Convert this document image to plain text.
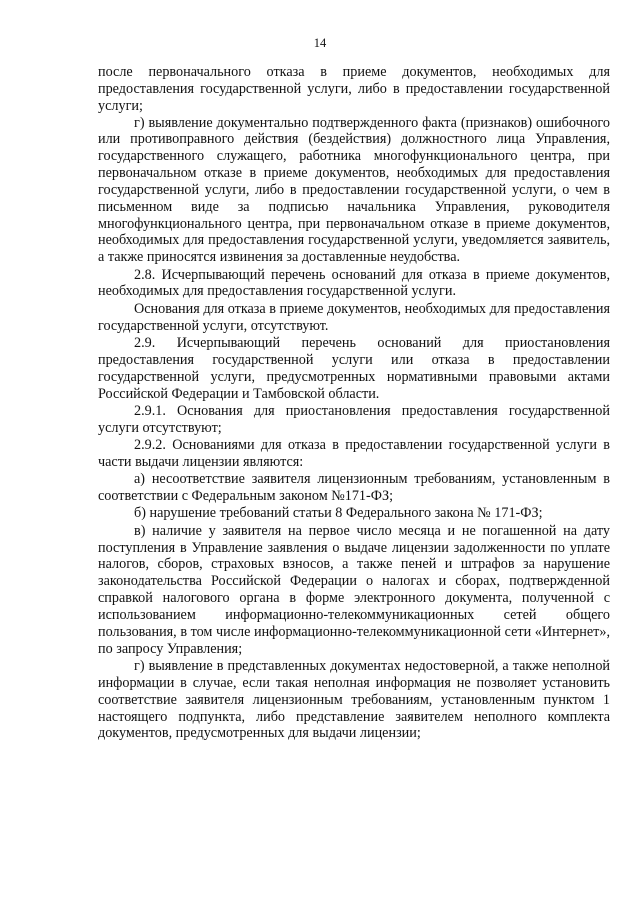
14

после первоначального отказа в приеме документов, необходимых для предоставления государственной услуги, либо в предоставлении государственной услуги;

г) выявление документально подтвержденного факта (признаков) ошибочного или противоправного действия (бездействия) должностного лица Управления, государственного служащего, работника многофункционального центра, при первоначальном отказе в приеме документов, необходимых для предоставления государственной услуги, либо в предоставлении государственной услуги, о чем в письменном виде за подписью начальника Управления, руководителя многофункционального центра, при первоначальном отказе в приеме документов, необходимых для предоставления государственной услуги, уведомляется заявитель, а также приносятся извинения за доставленные неудобства.

2.8. Исчерпывающий перечень оснований для отказа в приеме документов, необходимых для предоставления государственной услуги.

Основания для отказа в приеме документов, необходимых для предоставления государственной услуги, отсутствуют.

2.9. Исчерпывающий перечень оснований для приостановления предоставления государственной услуги или отказа в предоставлении государственной услуги, предусмотренных нормативными правовыми актами Российской Федерации и Тамбовской области.

2.9.1. Основания для приостановления предоставления государственной услуги отсутствуют;

2.9.2. Основаниями для отказа в предоставлении государственной услуги в части выдачи лицензии являются:

а) несоответствие заявителя лицензионным требованиям, установленным в соответствии с Федеральным законом №171-ФЗ;

б) нарушение требований статьи 8 Федерального закона № 171-ФЗ;

в) наличие у заявителя на первое число месяца и не погашенной на дату поступления в Управление заявления о выдаче лицензии задолженности по уплате налогов, сборов, страховых взносов, а также пеней и штрафов за нарушение законодательства Российской Федерации о налогах и сборах, подтвержденной справкой налогового органа в форме электронного документа, полученной с использованием информационно-телекоммуникационных сетей общего пользования, в том числе информационно-телекоммуникационной сети «Интернет», по запросу Управления;

г) выявление в представленных документах недостоверной, а также неполной информации в случае, если такая неполная информация не позволяет установить соответствие заявителя лицензионным требованиям, установленным пунктом 1 настоящего подпункта, либо представление заявителем неполного комплекта документов, предусмотренных для выдачи лицензии;
